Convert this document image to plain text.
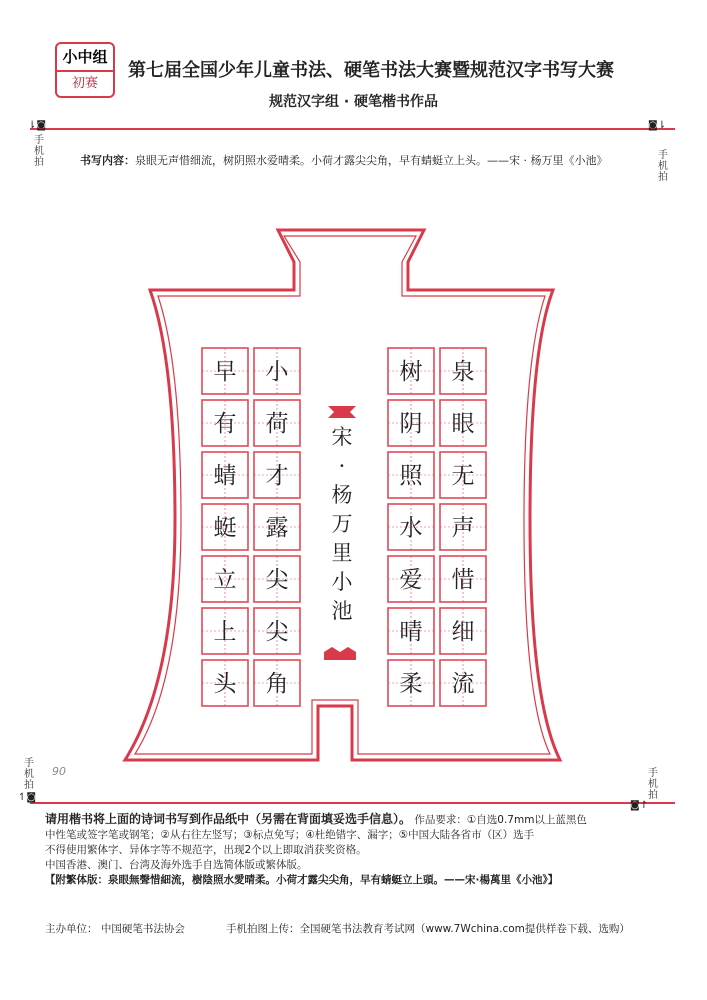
小中组
初赛
第七届全国少年儿童书法、硬笔书法大赛暨规范汉字书写大赛
规范汉字组 · 硬笔楷书作品
⇂◙
手机拍
◙⇂
手机拍
手机拍
↿◙
手机拍
◙↾
书写内容：泉眼无声惜细流，树阴照水爱晴柔。小荷才露尖尖角，早有蜻蜓立上头。——宋 · 杨万里《小池》
泉
眼
无
声
惜
细
流
树
阴
照
水
爱
晴
柔
小
荷
才
露
尖
尖
角
早
有
蜻
蜓
立
上
头
宋
·
杨
万
里
小
池
90
请用楷书将上面的诗词书写到作品纸中（另需在背面填妥选手信息）。 作品要求：①自选0.7mm以上蓝黑色
中性笔或签字笔或钢笔；②从右往左竖写；③标点免写；④杜绝错字、漏字；⑤中国大陆各省市（区）选手
不得使用繁体字、异体字等不规范字，出现2个以上即取消获奖资格。
中国香港、澳门、台湾及海外选手自选简体版或繁体版。
【附繁体版：泉眼無聲惜細流，樹陰照水愛晴柔。小荷才露尖尖角，早有蜻蜓立上頭。——宋·楊萬里《小池》】
主办单位： 中国硬笔书法协会	手机拍图上传：全国硬笔书法教育考试网（www.7Wchina.com提供样卷下载、选购）
